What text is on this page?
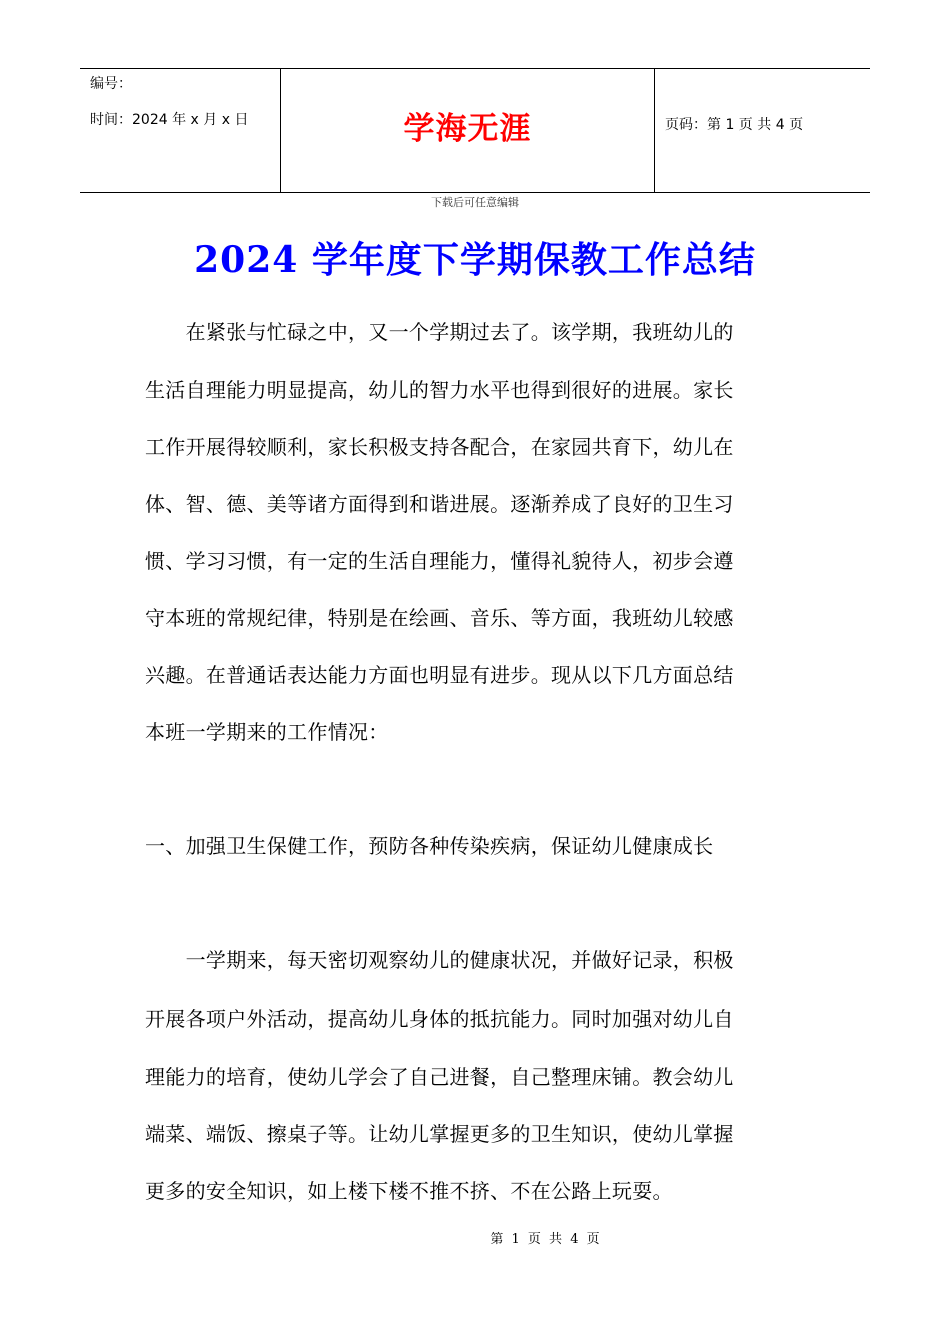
编号：
时间：2024 年 x 月 x 日	学海无涯	页码：第 1 页 共 4 页
下载后可任意编辑
2024 学年度下学期保教工作总结
　　在紧张与忙碌之中，又一个学期过去了。该学期，我班幼儿的
生活自理能力明显提高，幼儿的智力水平也得到很好的进展。家长
工作开展得较顺利，家长积极支持各配合，在家园共育下，幼儿在
体、智、德、美等诸方面得到和谐进展。逐渐养成了良好的卫生习
惯、学习习惯，有一定的生活自理能力，懂得礼貌待人，初步会遵
守本班的常规纪律，特别是在绘画、音乐、等方面，我班幼儿较感
兴趣。在普通话表达能力方面也明显有进步。现从以下几方面总结
本班一学期来的工作情况：
一、加强卫生保健工作，预防各种传染疾病，保证幼儿健康成长
　　一学期来，每天密切观察幼儿的健康状况，并做好记录，积极
开展各项户外活动，提高幼儿身体的抵抗能力。同时加强对幼儿自
理能力的培育，使幼儿学会了自己进餐，自己整理床铺。教会幼儿
端菜、端饭、擦桌子等。让幼儿掌握更多的卫生知识，使幼儿掌握
更多的安全知识，如上楼下楼不推不挤、不在公路上玩耍。
第 1 页 共 4 页
